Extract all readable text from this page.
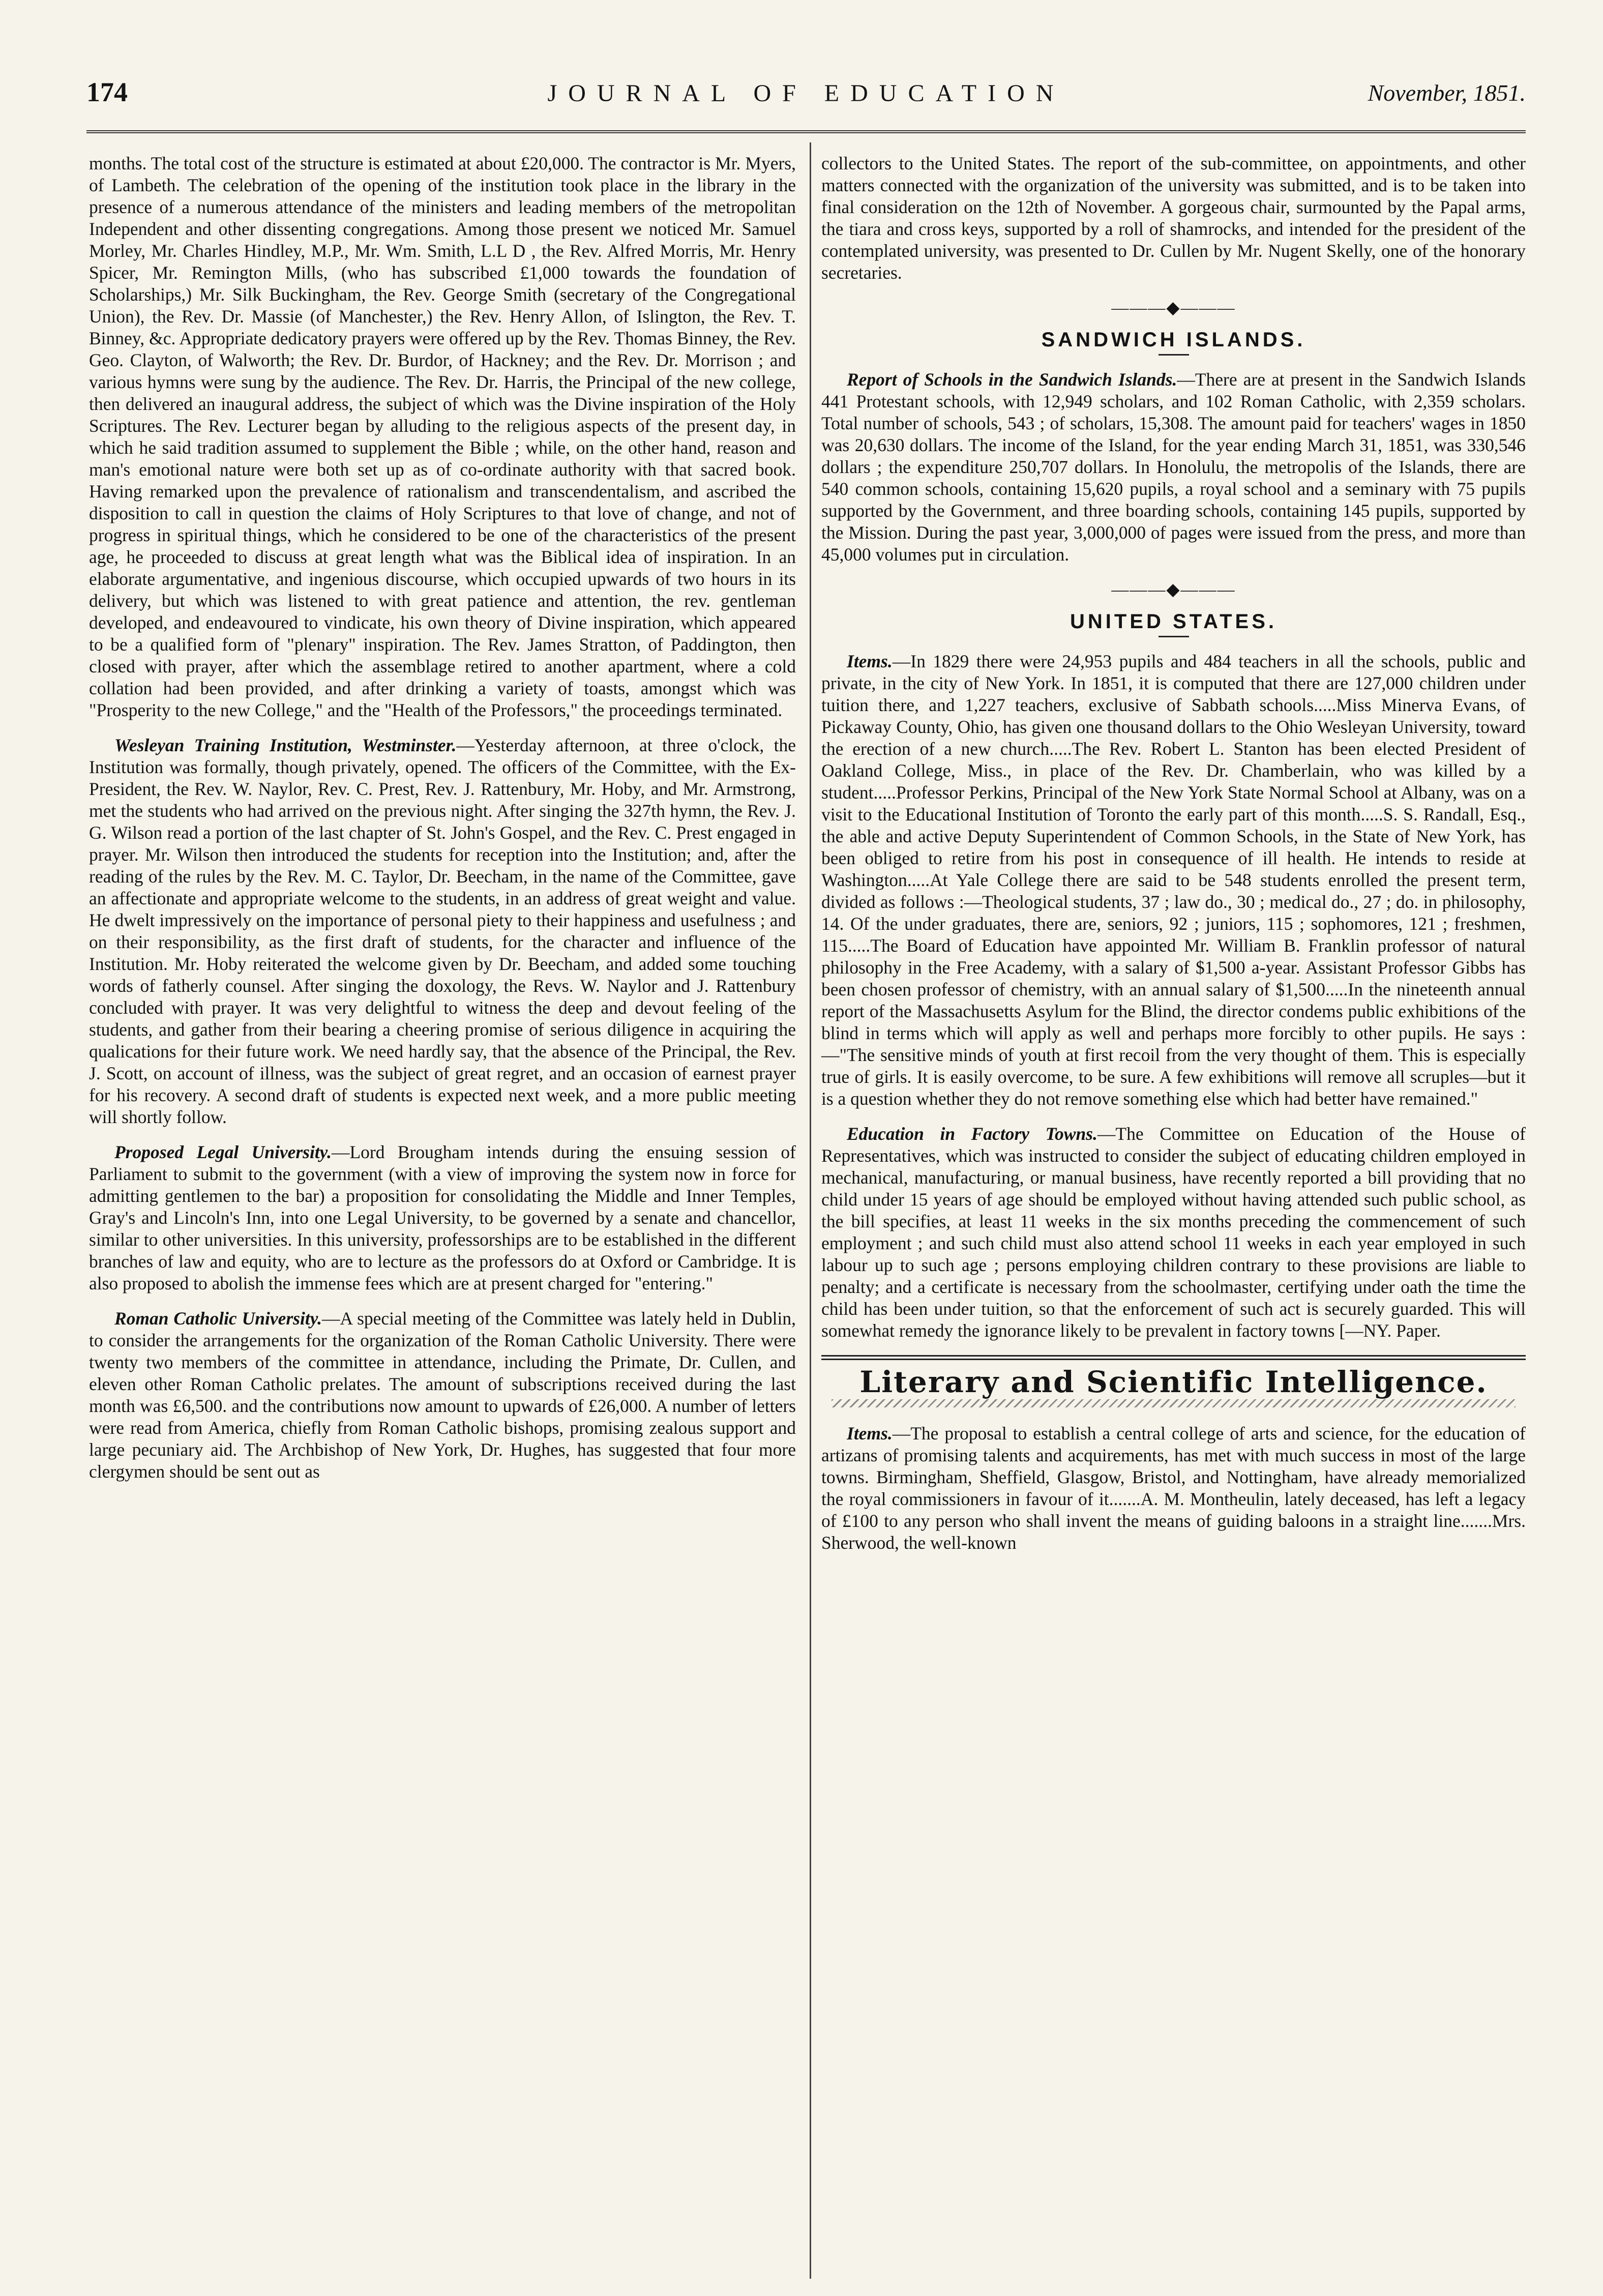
174	JOURNAL OF EDUCATION	November, 1851.

months. The total cost of the structure is estimated at about £20,000. The contractor is Mr. Myers, of Lambeth. The celebration of the opening of the institution took place in the library in the presence of a numerous attendance of the ministers and leading members of the metropolitan Independent and other dissenting congregations. Among those present we noticed Mr. Samuel Morley, Mr. Charles Hindley, M.P., Mr. Wm. Smith, L.L D , the Rev. Alfred Morris, Mr. Henry Spicer, Mr. Remington Mills, (who has subscribed £1,000 towards the foundation of Scholarships,) Mr. Silk Buckingham, the Rev. George Smith (secretary of the Congregational Union), the Rev. Dr. Massie (of Manchester,) the Rev. Henry Allon, of Islington, the Rev. T. Binney, &c. Appropriate dedicatory prayers were offered up by the Rev. Thomas Binney, the Rev. Geo. Clayton, of Walworth; the Rev. Dr. Burdor, of Hackney; and the Rev. Dr. Morrison ; and various hymns were sung by the audience. The Rev. Dr. Harris, the Principal of the new college, then delivered an inaugural address, the subject of which was the Divine inspiration of the Holy Scriptures. The Rev. Lecturer began by alluding to the religious aspects of the present day, in which he said tradition assumed to supplement the Bible ; while, on the other hand, reason and man's emotional nature were both set up as of co-ordinate authority with that sacred book. Having remarked upon the prevalence of rationalism and transcendentalism, and ascribed the disposition to call in question the claims of Holy Scriptures to that love of change, and not of progress in spiritual things, which he considered to be one of the characteristics of the present age, he proceeded to discuss at great length what was the Biblical idea of inspiration. In an elaborate argumentative, and ingenious discourse, which occupied upwards of two hours in its delivery, but which was listened to with great patience and attention, the rev. gentleman developed, and endeavoured to vindicate, his own theory of Divine inspiration, which appeared to be a qualified form of "plenary" inspiration. The Rev. James Stratton, of Paddington, then closed with prayer, after which the assemblage retired to another apartment, where a cold collation had been provided, and after drinking a variety of toasts, amongst which was "Prosperity to the new College," and the "Health of the Professors," the proceedings terminated.

Wesleyan Training Institution, Westminster.—Yesterday afternoon, at three o'clock, the Institution was formally, though privately, opened. The officers of the Committee, with the Ex-President, the Rev. W. Naylor, Rev. C. Prest, Rev. J. Rattenbury, Mr. Hoby, and Mr. Armstrong, met the students who had arrived on the previous night. After singing the 327th hymn, the Rev. J. G. Wilson read a portion of the last chapter of St. John's Gospel, and the Rev. C. Prest engaged in prayer. Mr. Wilson then introduced the students for reception into the Institution; and, after the reading of the rules by the Rev. M. C. Taylor, Dr. Beecham, in the name of the Committee, gave an affectionate and appropriate welcome to the students, in an address of great weight and value. He dwelt impressively on the importance of personal piety to their happiness and usefulness ; and on their responsibility, as the first draft of students, for the character and influence of the Institution. Mr. Hoby reiterated the welcome given by Dr. Beecham, and added some touching words of fatherly counsel. After singing the doxology, the Revs. W. Naylor and J. Rattenbury concluded with prayer. It was very delightful to witness the deep and devout feeling of the students, and gather from their bearing a cheering promise of serious diligence in acquiring the qualications for their future work. We need hardly say, that the absence of the Principal, the Rev. J. Scott, on account of illness, was the subject of great regret, and an occasion of earnest prayer for his recovery. A second draft of students is expected next week, and a more public meeting will shortly follow.

Proposed Legal University.—Lord Brougham intends during the ensuing session of Parliament to submit to the government (with a view of improving the system now in force for admitting gentlemen to the bar) a proposition for consolidating the Middle and Inner Temples, Gray's and Lincoln's Inn, into one Legal University, to be governed by a senate and chancellor, similar to other universities. In this university, professorships are to be established in the different branches of law and equity, who are to lecture as the professors do at Oxford or Cambridge. It is also proposed to abolish the immense fees which are at present charged for "entering."

Roman Catholic University.—A special meeting of the Committee was lately held in Dublin, to consider the arrangements for the organization of the Roman Catholic University. There were twenty two members of the committee in attendance, including the Primate, Dr. Cullen, and eleven other Roman Catholic prelates. The amount of subscriptions received during the last month was £6,500. and the contributions now amount to upwards of £26,000. A number of letters were read from America, chiefly from Roman Catholic bishops, promising zealous support and large pecuniary aid. The Archbishop of New York, Dr. Hughes, has suggested that four more clergymen should be sent out as

collectors to the United States. The report of the sub-committee, on appointments, and other matters connected with the organization of the university was submitted, and is to be taken into final consideration on the 12th of November. A gorgeous chair, surmounted by the Papal arms, the tiara and cross keys, supported by a roll of shamrocks, and intended for the president of the contemplated university, was presented to Dr. Cullen by Mr. Nugent Skelly, one of the honorary secretaries.

———◆———
SANDWICH ISLANDS.

Report of Schools in the Sandwich Islands.—There are at present in the Sandwich Islands 441 Protestant schools, with 12,949 scholars, and 102 Roman Catholic, with 2,359 scholars. Total number of schools, 543 ; of scholars, 15,308. The amount paid for teachers' wages in 1850 was 20,630 dollars. The income of the Island, for the year ending March 31, 1851, was 330,546 dollars ; the expenditure 250,707 dollars. In Honolulu, the metropolis of the Islands, there are 540 common schools, containing 15,620 pupils, a royal school and a seminary with 75 pupils supported by the Government, and three boarding schools, containing 145 pupils, supported by the Mission. During the past year, 3,000,000 of pages were issued from the press, and more than 45,000 volumes put in circulation.

———◆———
UNITED STATES.

Items.—In 1829 there were 24,953 pupils and 484 teachers in all the schools, public and private, in the city of New York. In 1851, it is computed that there are 127,000 children under tuition there, and 1,227 teachers, exclusive of Sabbath schools.....Miss Minerva Evans, of Pickaway County, Ohio, has given one thousand dollars to the Ohio Wesleyan University, toward the erection of a new church.....The Rev. Robert L. Stanton has been elected President of Oakland College, Miss., in place of the Rev. Dr. Chamberlain, who was killed by a student.....Professor Perkins, Principal of the New York State Normal School at Albany, was on a visit to the Educational Institution of Toronto the early part of this month.....S. S. Randall, Esq., the able and active Deputy Superintendent of Common Schools, in the State of New York, has been obliged to retire from his post in consequence of ill health. He intends to reside at Washington.....At Yale College there are said to be 548 students enrolled the present term, divided as follows :—Theological students, 37 ; law do., 30 ; medical do., 27 ; do. in philosophy, 14. Of the under graduates, there are, seniors, 92 ; juniors, 115 ; sophomores, 121 ; freshmen, 115.....The Board of Education have appointed Mr. William B. Franklin professor of natural philosophy in the Free Academy, with a salary of $1,500 a-year. Assistant Professor Gibbs has been chosen professor of chemistry, with an annual salary of $1,500.....In the nineteenth annual report of the Massachusetts Asylum for the Blind, the director condems public exhibitions of the blind in terms which will apply as well and perhaps more forcibly to other pupils. He says :—"The sensitive minds of youth at first recoil from the very thought of them. This is especially true of girls. It is easily overcome, to be sure. A few exhibitions will remove all scruples—but it is a question whether they do not remove something else which had better have remained."

Education in Factory Towns.—The Committee on Education of the House of Representatives, which was instructed to consider the subject of educating children employed in mechanical, manufacturing, or manual business, have recently reported a bill providing that no child under 15 years of age should be employed without having attended such public school, as the bill specifies, at least 11 weeks in the six months preceding the commencement of such employment ; and such child must also attend school 11 weeks in each year employed in such labour up to such age ; persons employing children contrary to these provisions are liable to penalty; and a certificate is necessary from the schoolmaster, certifying under oath the time the child has been under tuition, so that the enforcement of such act is securely guarded. This will somewhat remedy the ignorance likely to be prevalent in factory towns [—NY. Paper.

Literary and Scientific Intelligence.

Items.—The proposal to establish a central college of arts and science, for the education of artizans of promising talents and acquirements, has met with much success in most of the large towns. Birmingham, Sheffield, Glasgow, Bristol, and Nottingham, have already memorialized the royal commissioners in favour of it.......A. M. Montheulin, lately deceased, has left a legacy of £100 to any person who shall invent the means of guiding baloons in a straight line.......Mrs. Sherwood, the well-known
